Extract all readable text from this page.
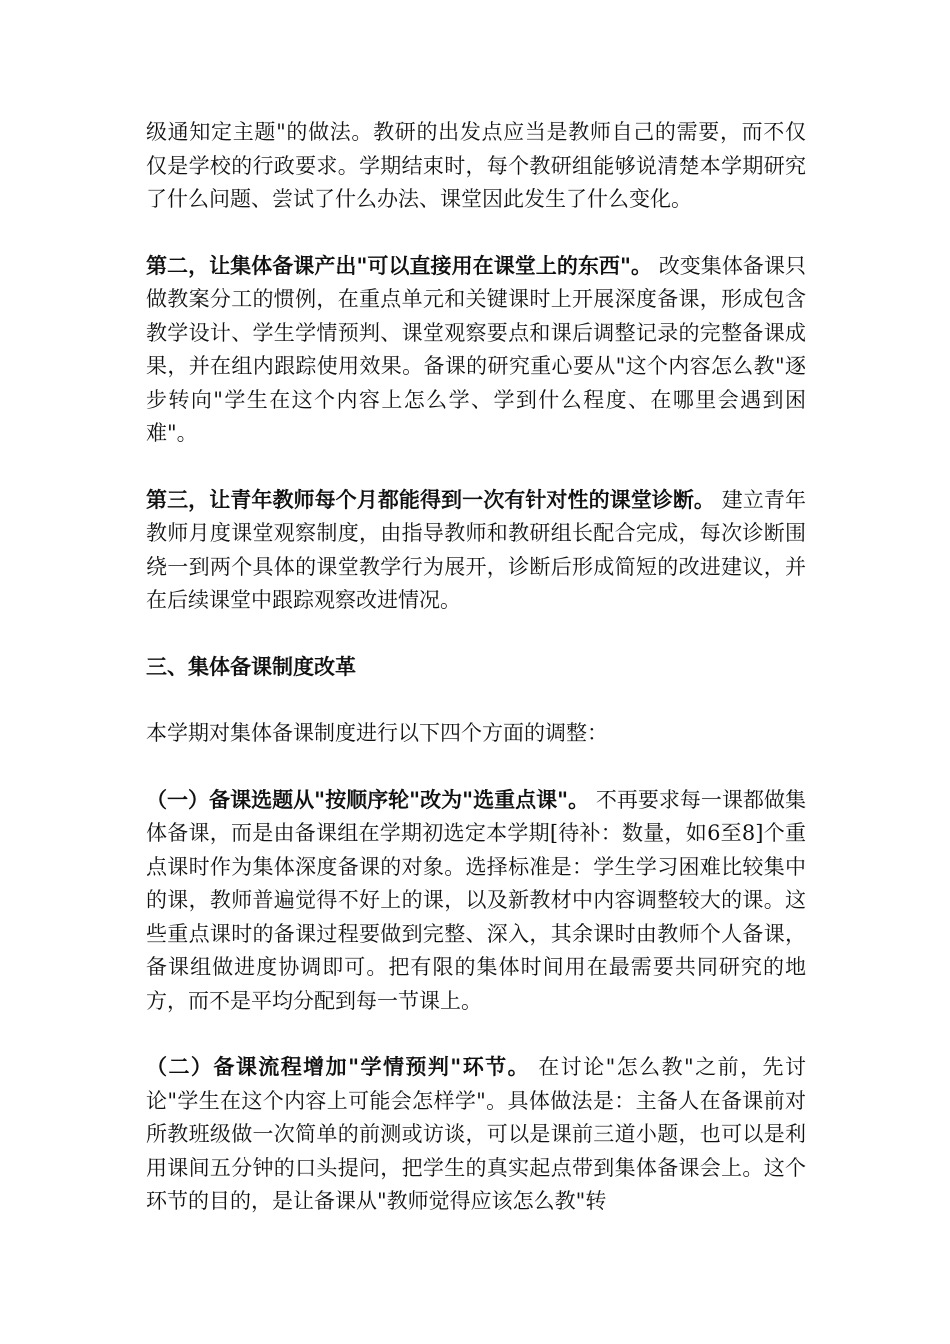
级通知定主题"的做法。教研的出发点应当是教师自己的需要，而不仅仅是学校的行政要求。学期结束时，每个教研组能够说清楚本学期研究了什么问题、尝试了什么办法、课堂因此发生了什么变化。

第二，让集体备课产出"可以直接用在课堂上的东西"。 改变集体备课只做教案分工的惯例，在重点单元和关键课时上开展深度备课，形成包含教学设计、学生学情预判、课堂观察要点和课后调整记录的完整备课成果，并在组内跟踪使用效果。备课的研究重心要从"这个内容怎么教"逐步转向"学生在这个内容上怎么学、学到什么程度、在哪里会遇到困难"。

第三，让青年教师每个月都能得到一次有针对性的课堂诊断。 建立青年教师月度课堂观察制度，由指导教师和教研组长配合完成，每次诊断围绕一到两个具体的课堂教学行为展开，诊断后形成简短的改进建议，并在后续课堂中跟踪观察改进情况。

三、集体备课制度改革

本学期对集体备课制度进行以下四个方面的调整：

（一）备课选题从"按顺序轮"改为"选重点课"。 不再要求每一课都做集体备课，而是由备课组在学期初选定本学期[待补：数量，如6至8]个重点课时作为集体深度备课的对象。选择标准是：学生学习困难比较集中的课，教师普遍觉得不好上的课，以及新教材中内容调整较大的课。这些重点课时的备课过程要做到完整、深入，其余课时由教师个人备课，备课组做进度协调即可。把有限的集体时间用在最需要共同研究的地方，而不是平均分配到每一节课上。

（二）备课流程增加"学情预判"环节。 在讨论"怎么教"之前，先讨论"学生在这个内容上可能会怎样学"。具体做法是：主备人在备课前对所教班级做一次简单的前测或访谈，可以是课前三道小题，也可以是利用课间五分钟的口头提问，把学生的真实起点带到集体备课会上。这个环节的目的，是让备课从"教师觉得应该怎么教"转
